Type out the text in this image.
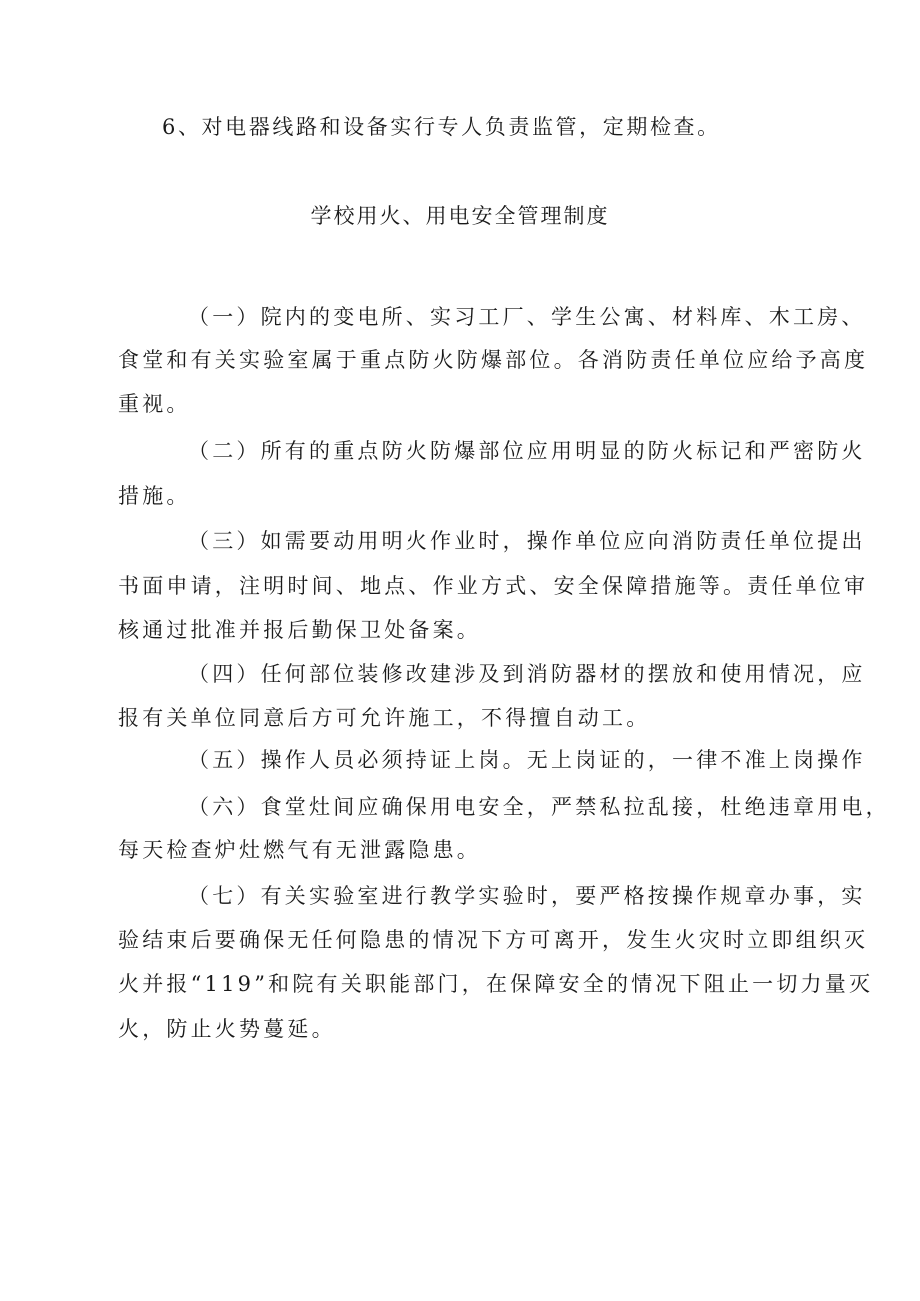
6、对电器线路和设备实行专人负责监管，定期检查。
学校用火、用电安全管理制度
（一）院内的变电所、实习工厂、学生公寓、材料库、木工房、
食堂和有关实验室属于重点防火防爆部位。各消防责任单位应给予高度
重视。
（二）所有的重点防火防爆部位应用明显的防火标记和严密防火
措施。
（三）如需要动用明火作业时，操作单位应向消防责任单位提出
书面申请，注明时间、地点、作业方式、安全保障措施等。责任单位审
核通过批准并报后勤保卫处备案。
（四）任何部位装修改建涉及到消防器材的摆放和使用情况，应
报有关单位同意后方可允许施工，不得擅自动工。
（五）操作人员必须持证上岗。无上岗证的，一律不准上岗操作
（六）食堂灶间应确保用电安全，严禁私拉乱接，杜绝违章用电，
每天检查炉灶燃气有无泄露隐患。
（七）有关实验室进行教学实验时，要严格按操作规章办事，实
验结束后要确保无任何隐患的情况下方可离开，发生火灾时立即组织灭
火并报“119”和院有关职能部门，在保障安全的情况下阻止一切力量灭
火，防止火势蔓延。
